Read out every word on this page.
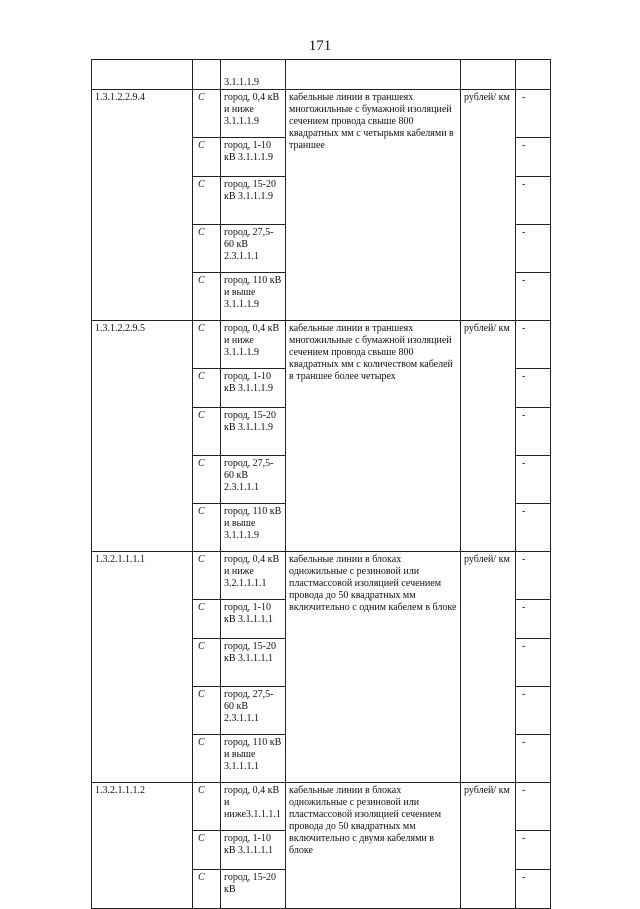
171
		3.1.1.1.9			
1.3.1.2.2.9.4	С	город, 0,4 кВ и ниже 3.1.1.1.9	кабельные линии в траншеях многожильные с бумажной изоляцией сечением провода свыше 800 квадратных мм с четырьмя кабелями в траншее	рублей/ км	-
	С	город, 1-10 кВ 3.1.1.1.9			-
	С	город, 15-20 кВ 3.1.1.1.9			-
	С	город, 27,5-60 кВ 2.3.1.1.1			-
	С	город, 110 кВ и выше 3.1.1.1.9			-
1.3.1.2.2.9.5	С	город, 0,4 кВ и ниже 3.1.1.1.9	кабельные линии в траншеях многожильные с бумажной изоляцией сечением провода свыше 800 квадратных мм с количеством кабелей в траншее более четырех	рублей/ км	-
	С	город, 1-10 кВ 3.1.1.1.9			-
	С	город, 15-20 кВ 3.1.1.1.9			-
	С	город, 27,5-60 кВ 2.3.1.1.1			-
	С	город, 110 кВ и выше 3.1.1.1.9			-
1.3.2.1.1.1.1	С	город, 0,4 кВ и ниже 3.2.1.1.1.1	кабельные линии в блоках одножильные с резиновой или пластмассовой изоляцией сечением провода до 50 квадратных мм включительно с одним кабелем в блоке	рублей/ км	-
	С	город, 1-10 кВ 3.1.1.1.1			-
	С	город, 15-20 кВ 3.1.1.1.1			-
	С	город, 27,5-60 кВ 2.3.1.1.1			-
	С	город, 110 кВ и выше 3.1.1.1.1			-
1.3.2.1.1.1.2	С	город, 0,4 кВ и ниже3.1.1.1.1	кабельные линии в блоках одножильные с резиновой или пластмассовой изоляцией сечением провода до 50 квадратных мм включительно с двумя кабелями в блоке	рублей/ км	-
	С	город, 1-10 кВ 3.1.1.1.1			-
	С	город, 15-20 кВ			-
